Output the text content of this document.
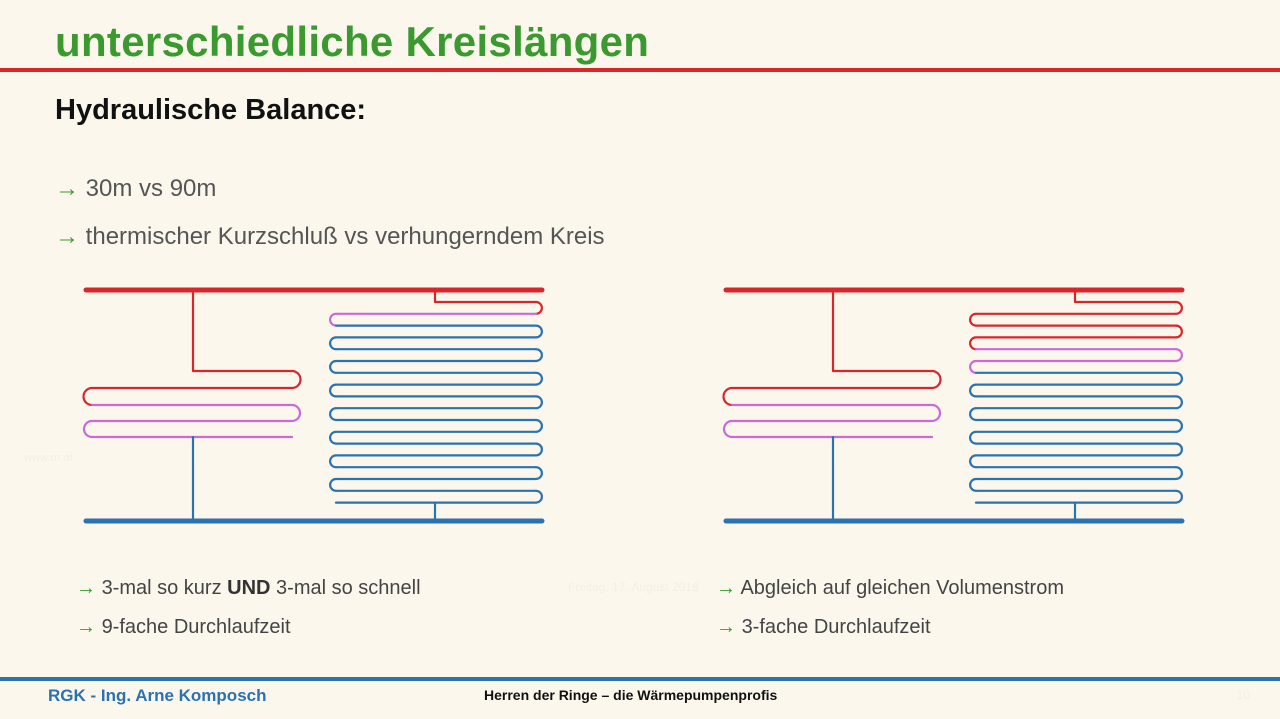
unterschiedliche Kreislängen
Hydraulische Balance:
→ 30m vs 90m
→ thermischer Kurzschluß vs verhungerndem Kreis
www.rrr.at
Freitag, 17. August 2018
→ 3-mal so kurz UND 3-mal so schnell
→ 9-fache Durchlaufzeit
→ Abgleich auf gleichen Volumenstrom
→ 3-fache Durchlaufzeit
RGK - Ing. Arne Komposch	Herren der Ringe – die Wärmepumpenprofis	10
